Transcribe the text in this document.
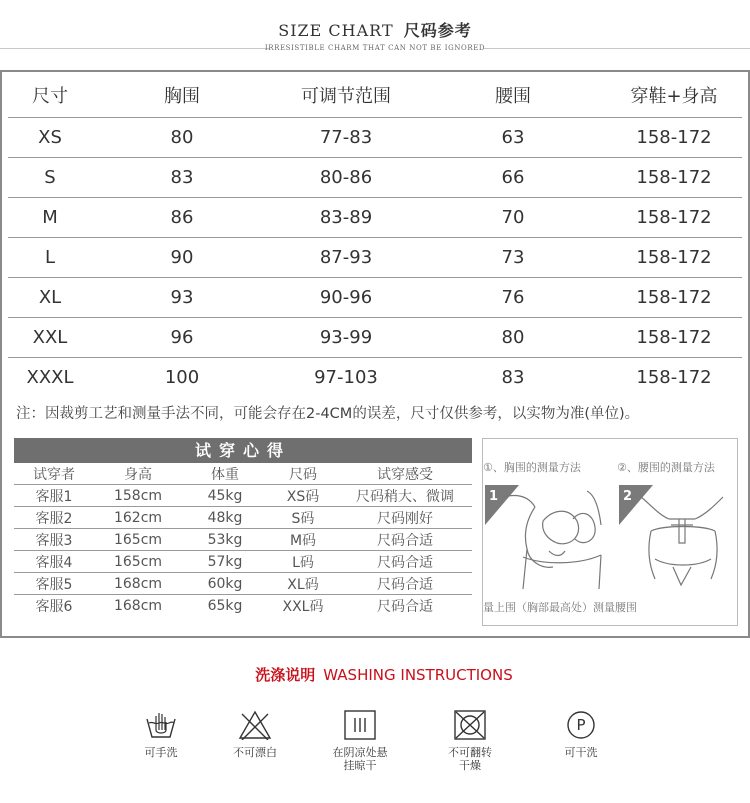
SIZE CHART 尺码参考
IRRESISTIBLE CHARM THAT CAN NOT BE IGNORED
尺寸	胸围	可调节范围	腰围	穿鞋+身高
XS	80	77-83	63	158-172
S	83	80-86	66	158-172
M	86	83-89	70	158-172
L	90	87-93	73	158-172
XL	93	90-96	76	158-172
XXL	96	93-99	80	158-172
XXXL	100	97-103	83	158-172
注：因裁剪工艺和测量手法不同，可能会存在2-4CM的误差，尺寸仅供参考，以实物为准(单位)。
试穿心得
试穿者	身高	体重	尺码	试穿感受
客服1	158cm	45kg	XS码	尺码稍大、微调
客服2	162cm	48kg	S码	尺码刚好
客服3	165cm	53kg	M码	尺码合适
客服4	165cm	57kg	L码	尺码合适
客服5	168cm	60kg	XL码	尺码合适
客服6	168cm	65kg	XXL码	尺码合适
①、胸围的测量方法	②、腰围的测量方法
1	2
量上围（胸部最高处）测量腰围
洗涤说明 WASHING INSTRUCTIONS
可手洗	不可漂白	在阴凉处悬挂晾干
不可翻转干燥
P
可干洗
